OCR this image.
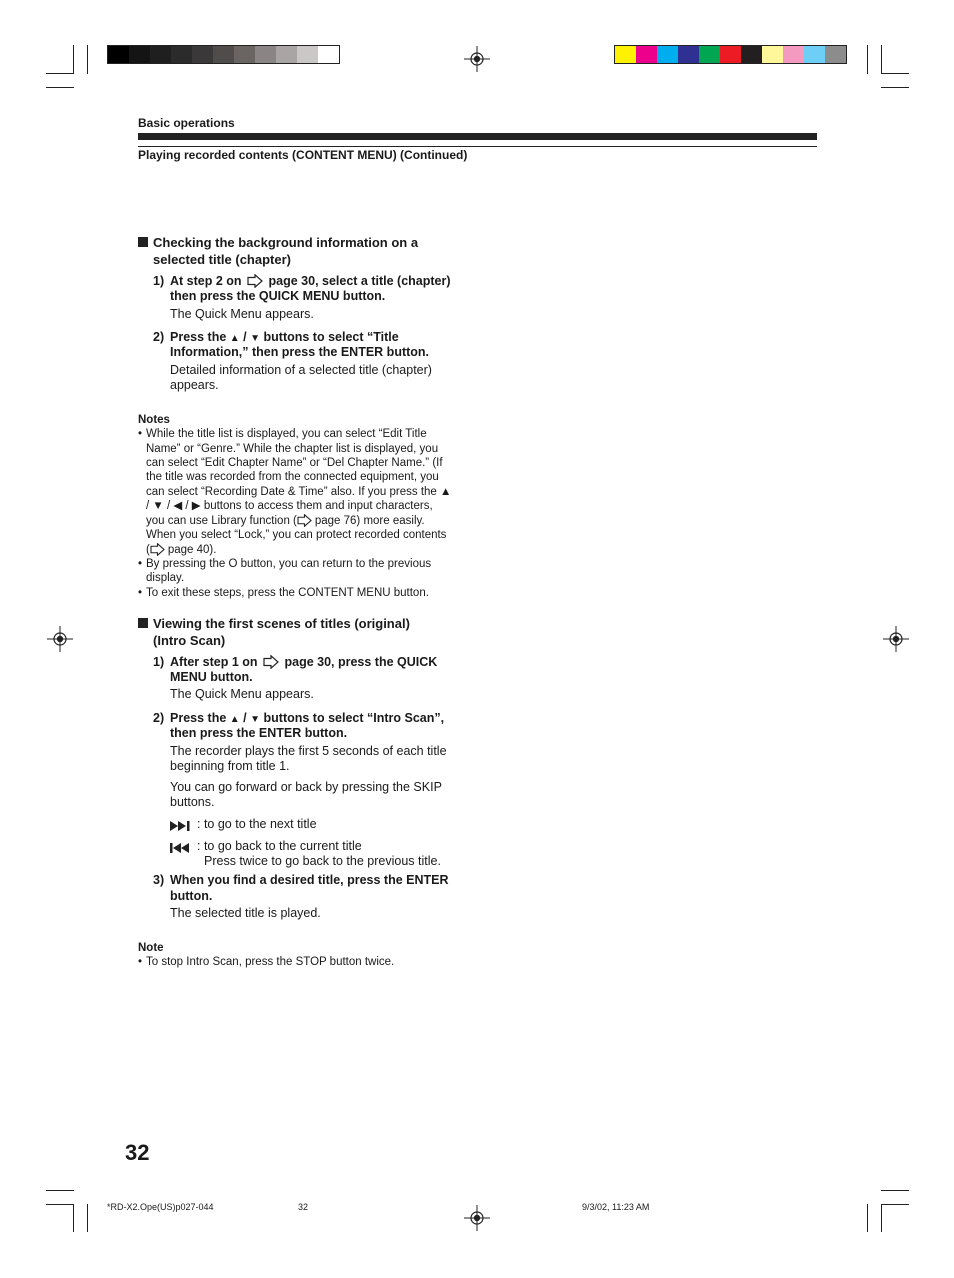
Basic operations
Playing recorded contents (CONTENT MENU) (Continued)
Checking the background information on a
selected title (chapter)
1) At step 2 on page 30, select a title (chapter)
then press the QUICK MENU button.
The Quick Menu appears.
2) Press the ▲ / ▼ buttons to select “Title
Information,” then press the ENTER button.
Detailed information of a selected title (chapter)
appears.
Notes
• While the title list is displayed, you can select “Edit Title
Name” or “Genre.” While the chapter list is displayed, you
can select “Edit Chapter Name” or “Del Chapter Name.” (If
the title was recorded from the connected equipment, you
can select “Recording Date & Time” also. If you press the ▲
/ ▼ / ◀ / ▶ buttons to access them and input characters,
you can use Library function ( page 76) more easily.
When you select “Lock,” you can protect recorded contents
( page 40).
• By pressing the O button, you can return to the previous
display.
• To exit these steps, press the CONTENT MENU button.
Viewing the first scenes of titles (original)
(Intro Scan)
1) After step 1 on page 30, press the QUICK
MENU button.
The Quick Menu appears.
2) Press the ▲ / ▼ buttons to select “Intro Scan”,
then press the ENTER button.
The recorder plays the first 5 seconds of each title
beginning from title 1.
You can go forward or back by pressing the SKIP
buttons.
: to go to the next title
: to go back to the current title
Press twice to go back to the previous title.
3) When you find a desired title, press the ENTER
button.
The selected title is played.
Note
• To stop Intro Scan, press the STOP button twice.
32
*RD-X2.Ope(US)p027-044	32	9/3/02, 11:23 AM
